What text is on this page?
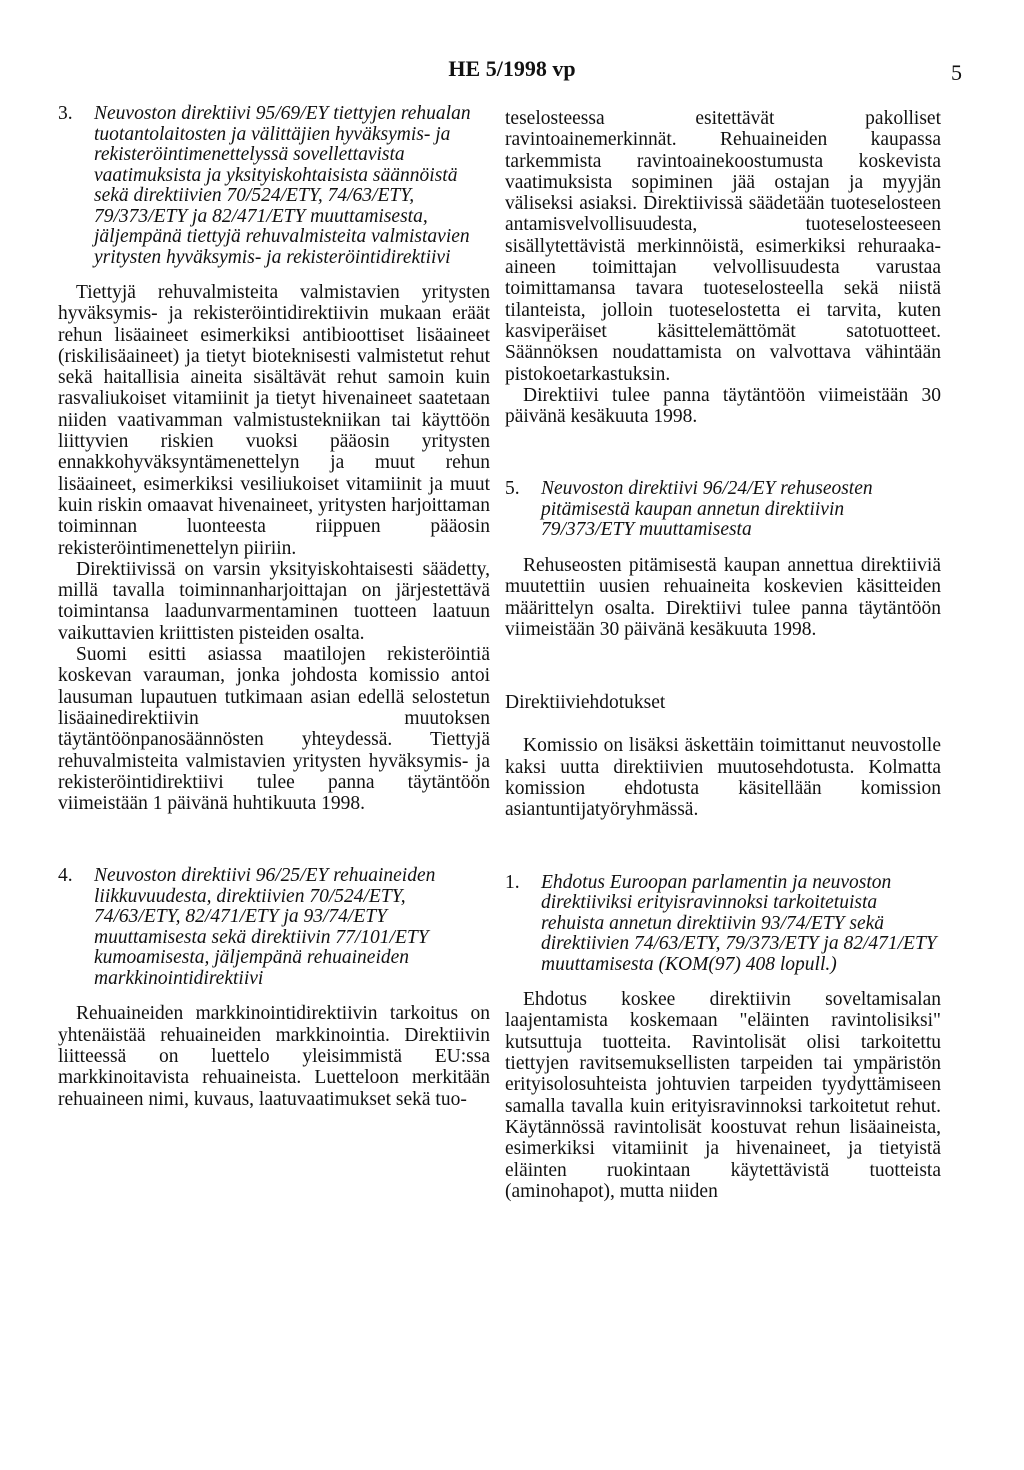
HE 5/1998 vp	5
3. Neuvoston direktiivi 95/69/EY tiettyjen rehualan tuotantolaitosten ja välittäjien hyväksymis- ja rekisteröintimenettelyssä sovellettavista vaatimuksista ja yksityiskohtaisista säännöistä sekä direktiivien 70/524/ETY, 74/63/ETY, 79/373/ETY ja 82/471/ETY muuttamisesta, jäljempänä tiettyjä rehuvalmisteita valmistavien yritysten hyväksymis- ja rekisteröintidirektiivi

Tiettyjä rehuvalmisteita valmistavien yritysten hyväksymis- ja rekisteröintidirektiivin mukaan eräät rehun lisäaineet esimerkiksi antibioottiset lisäaineet (riskilisäaineet) ja tietyt bioteknisesti valmistetut rehut sekä haitallisia aineita sisältävät rehut samoin kuin rasvaliukoiset vitamiinit ja tietyt hivenaineet saatetaan niiden vaativamman valmistustekniikan tai käyttöön liittyvien riskien vuoksi pääosin yritysten ennakkohyväksyntämenettelyn ja muut rehun lisäaineet, esimerkiksi vesiliukoiset vitamiinit ja muut kuin riskin omaavat hivenaineet, yritysten harjoittaman toiminnan luonteesta riippuen pääosin rekisteröintimenettelyn piiriin.

Direktiivissä on varsin yksityiskohtaisesti säädetty, millä tavalla toiminnanharjoittajan on järjestettävä toimintansa laadunvarmentaminen tuotteen laatuun vaikuttavien kriittisten pisteiden osalta.

Suomi esitti asiassa maatilojen rekisteröintiä koskevan varauman, jonka johdosta komissio antoi lausuman lupautuen tutkimaan asian edellä selostetun lisäainedirektiivin muutoksen täytäntöönpanosäännösten yhteydessä. Tiettyjä rehuvalmisteita valmistavien yritysten hyväksymis- ja rekisteröintidirektiivi tulee panna täytäntöön viimeistään 1 päivänä huhtikuuta 1998.

4. Neuvoston direktiivi 96/25/EY rehuaineiden liikkuvuudesta, direktiivien 70/524/ETY, 74/63/ETY, 82/471/ETY ja 93/74/ETY muuttamisesta sekä direktiivin 77/101/ETY kumoamisesta, jäljempänä rehuaineiden markkinointidirektiivi

Rehuaineiden markkinointidirektiivin tarkoitus on yhtenäistää rehuaineiden markkinointia. Direktiivin liitteessä on luettelo yleisimmistä EU:ssa markkinoitavista rehuaineista. Luetteloon merkitään rehuaineen nimi, kuvaus, laatuvaatimukset sekä tuo-

teselosteessa esitettävät pakolliset ravintoainemerkinnät. Rehuaineiden kaupassa tarkemmista ravintoainekoostumusta koskevista vaatimuksista sopiminen jää ostajan ja myyjän väliseksi asiaksi. Direktiivissä säädetään tuoteselosteen antamisvelvollisuudesta, tuoteselosteeseen sisällytettävistä merkinnöistä, esimerkiksi rehuraaka-aineen toimittajan velvollisuudesta varustaa toimittamansa tavara tuoteselosteella sekä niistä tilanteista, jolloin tuoteselostetta ei tarvita, kuten kasviperäiset käsittelemättömät satotuotteet. Säännöksen noudattamista on valvottava vähintään pistokoetarkastuksin.

Direktiivi tulee panna täytäntöön viimeistään 30 päivänä kesäkuuta 1998.

5. Neuvoston direktiivi 96/24/EY rehuseosten pitämisestä kaupan annetun direktiivin 79/373/ETY muuttamisesta

Rehuseosten pitämisestä kaupan annettua direktiiviä muutettiin uusien rehuaineita koskevien käsitteiden määrittelyn osalta. Direktiivi tulee panna täytäntöön viimeistään 30 päivänä kesäkuuta 1998.

Direktiiviehdotukset

Komissio on lisäksi äskettäin toimittanut neuvostolle kaksi uutta direktiivien muutosehdotusta. Kolmatta komission ehdotusta käsitellään komission asiantuntijatyöryhmässä.

1. Ehdotus Euroopan parlamentin ja neuvoston direktiiviksi erityisravinnoksi tarkoitetuista rehuista annetun direktiivin 93/74/ETY sekä direktiivien 74/63/ETY, 79/373/ETY ja 82/471/ETY muuttamisesta (KOM(97) 408 lopull.)

Ehdotus koskee direktiivin soveltamisalan laajentamista koskemaan "eläinten ravintolisiksi" kutsuttuja tuotteita. Ravintolisät olisi tarkoitettu tiettyjen ravitsemuksellisten tarpeiden tai ympäristön erityisolosuhteista johtuvien tarpeiden tyydyttämiseen samalla tavalla kuin erityisravinnoksi tarkoitetut rehut. Käytännössä ravintolisät koostuvat rehun lisäaineista, esimerkiksi vitamiinit ja hivenaineet, ja tietyistä eläinten ruokintaan käytettävistä tuotteista (aminohapot), mutta niiden
